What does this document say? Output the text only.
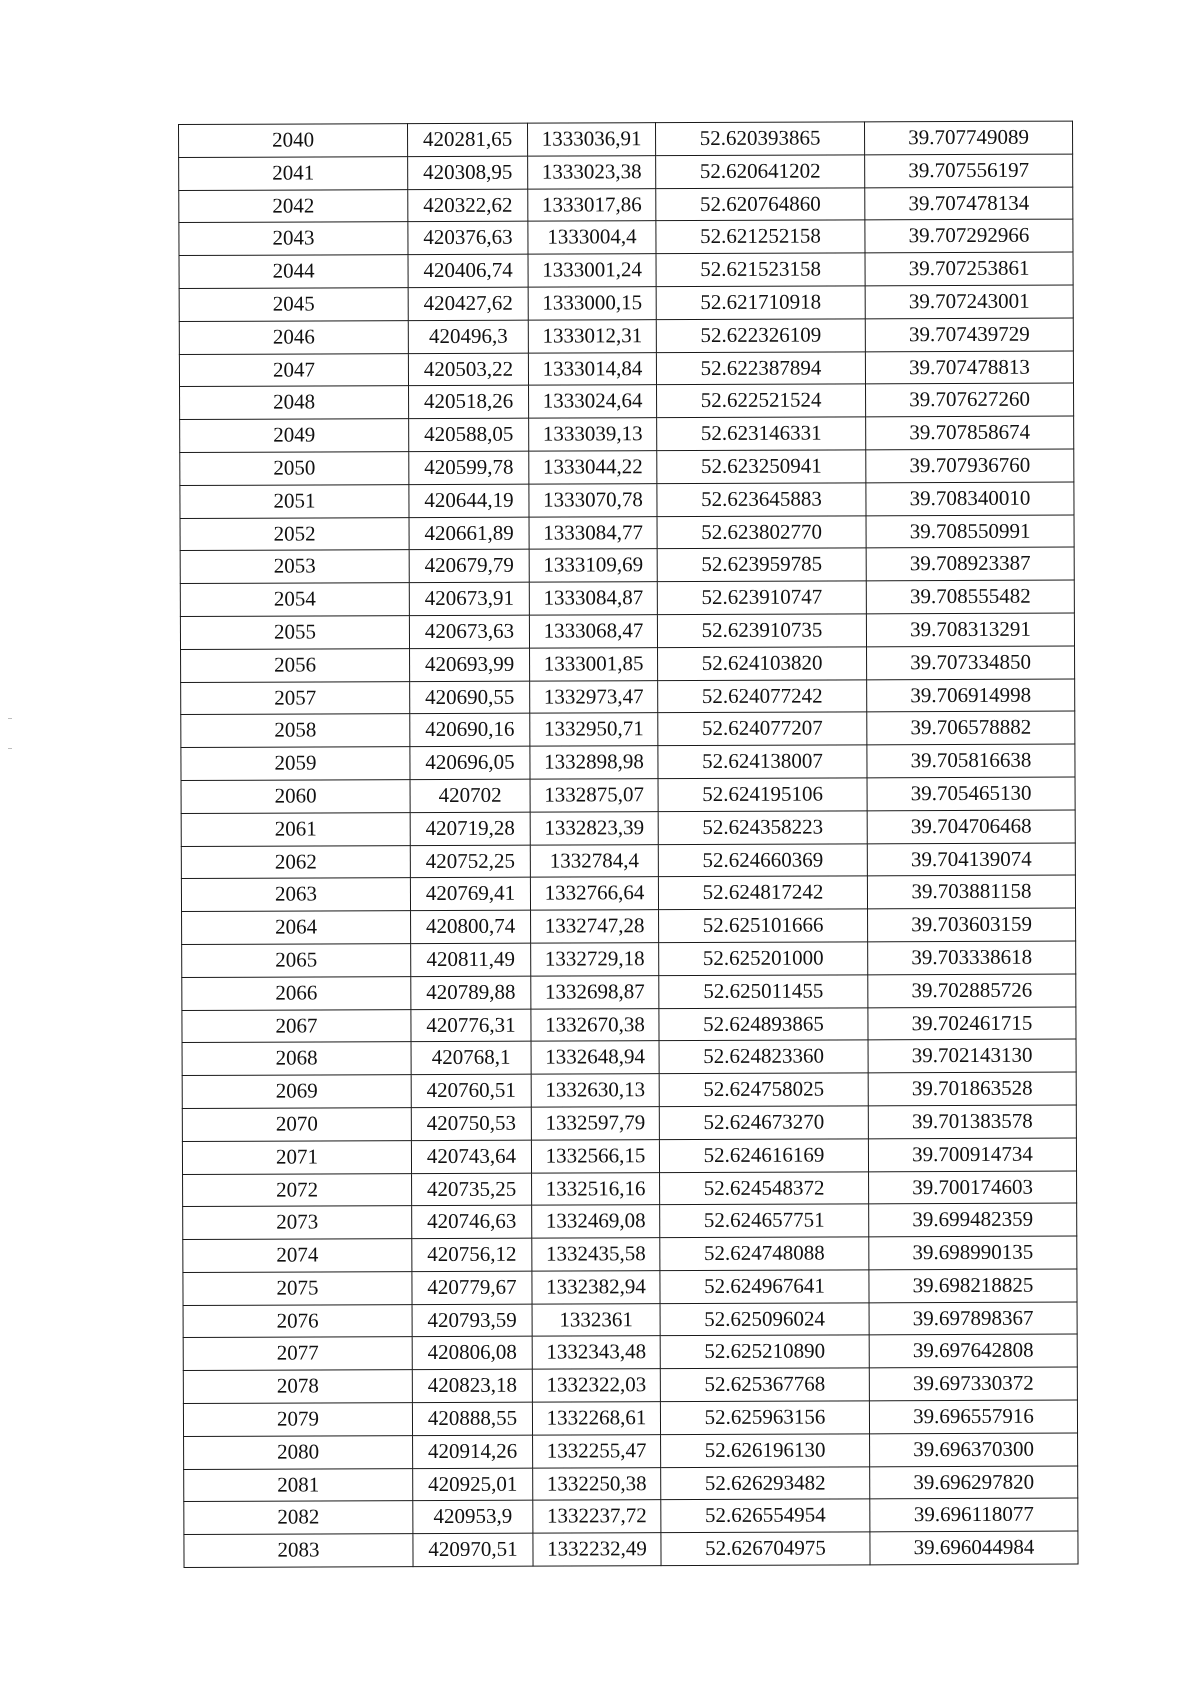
2040	420281,65	1333036,91	52.620393865	39.707749089
2041	420308,95	1333023,38	52.620641202	39.707556197
2042	420322,62	1333017,86	52.620764860	39.707478134
2043	420376,63	1333004,4	52.621252158	39.707292966
2044	420406,74	1333001,24	52.621523158	39.707253861
2045	420427,62	1333000,15	52.621710918	39.707243001
2046	420496,3	1333012,31	52.622326109	39.707439729
2047	420503,22	1333014,84	52.622387894	39.707478813
2048	420518,26	1333024,64	52.622521524	39.707627260
2049	420588,05	1333039,13	52.623146331	39.707858674
2050	420599,78	1333044,22	52.623250941	39.707936760
2051	420644,19	1333070,78	52.623645883	39.708340010
2052	420661,89	1333084,77	52.623802770	39.708550991
2053	420679,79	1333109,69	52.623959785	39.708923387
2054	420673,91	1333084,87	52.623910747	39.708555482
2055	420673,63	1333068,47	52.623910735	39.708313291
2056	420693,99	1333001,85	52.624103820	39.707334850
2057	420690,55	1332973,47	52.624077242	39.706914998
2058	420690,16	1332950,71	52.624077207	39.706578882
2059	420696,05	1332898,98	52.624138007	39.705816638
2060	420702	1332875,07	52.624195106	39.705465130
2061	420719,28	1332823,39	52.624358223	39.704706468
2062	420752,25	1332784,4	52.624660369	39.704139074
2063	420769,41	1332766,64	52.624817242	39.703881158
2064	420800,74	1332747,28	52.625101666	39.703603159
2065	420811,49	1332729,18	52.625201000	39.703338618
2066	420789,88	1332698,87	52.625011455	39.702885726
2067	420776,31	1332670,38	52.624893865	39.702461715
2068	420768,1	1332648,94	52.624823360	39.702143130
2069	420760,51	1332630,13	52.624758025	39.701863528
2070	420750,53	1332597,79	52.624673270	39.701383578
2071	420743,64	1332566,15	52.624616169	39.700914734
2072	420735,25	1332516,16	52.624548372	39.700174603
2073	420746,63	1332469,08	52.624657751	39.699482359
2074	420756,12	1332435,58	52.624748088	39.698990135
2075	420779,67	1332382,94	52.624967641	39.698218825
2076	420793,59	1332361	52.625096024	39.697898367
2077	420806,08	1332343,48	52.625210890	39.697642808
2078	420823,18	1332322,03	52.625367768	39.697330372
2079	420888,55	1332268,61	52.625963156	39.696557916
2080	420914,26	1332255,47	52.626196130	39.696370300
2081	420925,01	1332250,38	52.626293482	39.696297820
2082	420953,9	1332237,72	52.626554954	39.696118077
2083	420970,51	1332232,49	52.626704975	39.696044984
